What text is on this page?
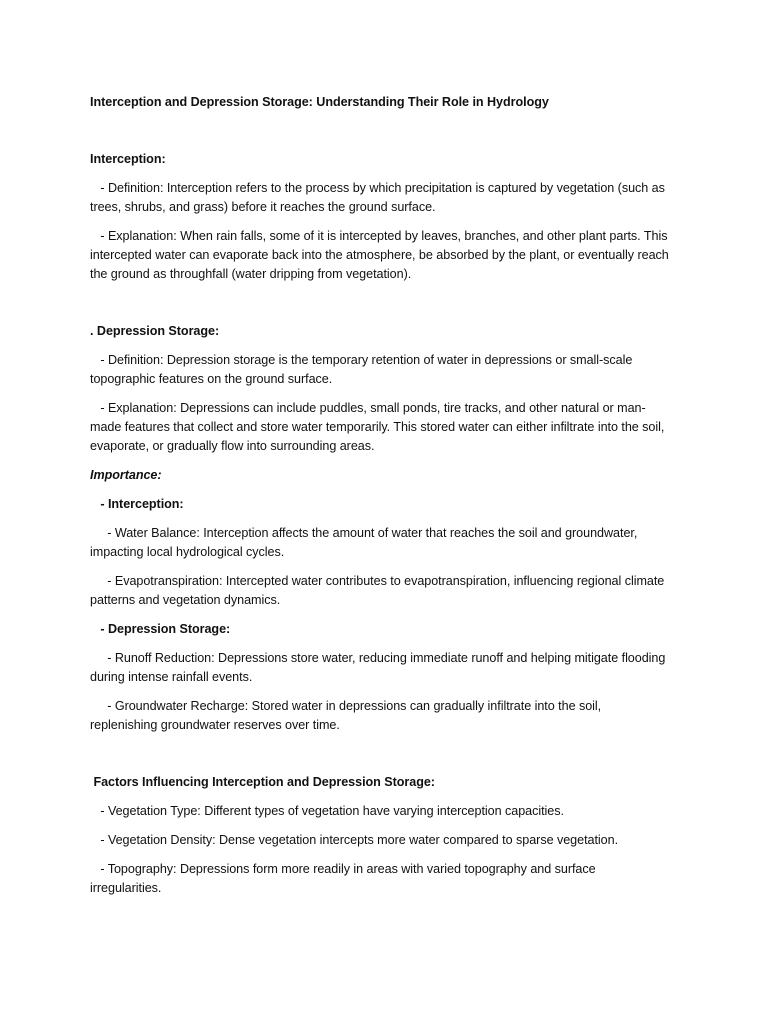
Interception and Depression Storage: Understanding Their Role in Hydrology

Interception:

- Definition: Interception refers to the process by which precipitation is captured by vegetation (such as trees, shrubs, and grass) before it reaches the ground surface.

- Explanation: When rain falls, some of it is intercepted by leaves, branches, and other plant parts. This intercepted water can evaporate back into the atmosphere, be absorbed by the plant, or eventually reach the ground as throughfall (water dripping from vegetation).

. Depression Storage:

- Definition: Depression storage is the temporary retention of water in depressions or small-scale topographic features on the ground surface.

- Explanation: Depressions can include puddles, small ponds, tire tracks, and other natural or man-made features that collect and store water temporarily. This stored water can either infiltrate into the soil, evaporate, or gradually flow into surrounding areas.

Importance:

- Interception:

- Water Balance: Interception affects the amount of water that reaches the soil and groundwater, impacting local hydrological cycles.

- Evapotranspiration: Intercepted water contributes to evapotranspiration, influencing regional climate patterns and vegetation dynamics.

- Depression Storage:

- Runoff Reduction: Depressions store water, reducing immediate runoff and helping mitigate flooding during intense rainfall events.

- Groundwater Recharge: Stored water in depressions can gradually infiltrate into the soil, replenishing groundwater reserves over time.

Factors Influencing Interception and Depression Storage:

- Vegetation Type: Different types of vegetation have varying interception capacities.

- Vegetation Density: Dense vegetation intercepts more water compared to sparse vegetation.

- Topography: Depressions form more readily in areas with varied topography and surface irregularities.
